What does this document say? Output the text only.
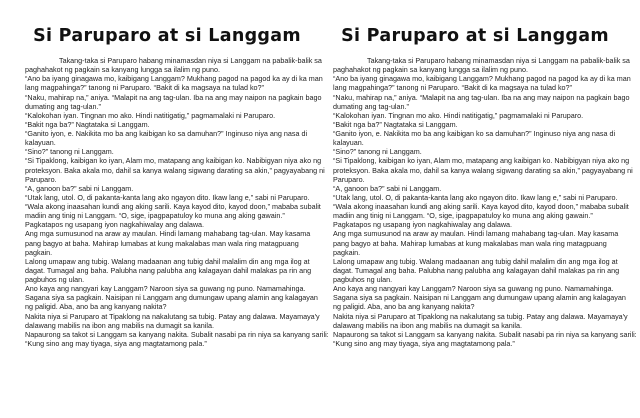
Si Paruparo at si Langgam
Takang-taka si Paruparo habang minamasdan niya si Langgam na pabalik-balik sa
paghahakot ng pagkain sa kanyang lungga sa ilalim ng puno.
“Ano ba iyang ginagawa mo, kaibigang Langgam? Mukhang pagod na pagod ka ay di ka man
lang magpahinga?” tanong ni Paruparo. “Bakit di ka magsaya na tulad ko?”
“Naku, mahirap na,” aniya. “Malapit na ang tag-ulan. Iba na ang may naipon na pagkain bago
dumating ang tag-ulan.”
“Kalokohan iyan. Tingnan mo ako. Hindi natitigatig,” pagmamalaki ni Paruparo.
“Bakit nga ba?” Nagtataka si Langgam.
“Ganito iyon, e. Nakikita mo ba ang kaibigan ko sa damuhan?” Inginuso niya ang nasa di
kalayuan.
“Sino?” tanong ni Langgam.
“Si Tipaklong, kaibigan ko iyan, Alam mo, matapang ang kaibigan ko. Nabibigyan niya ako ng
proteksyon. Baka akala mo, dahil sa kanya walang sigwang darating sa akin,” pagyayabang ni
Paruparo.
“A, ganoon ba?” sabi ni Langgam.
“Utak lang, utol. O, di pakanta-kanta lang ako ngayon dito. Ikaw lang e,” sabi ni Paruparo.
“Wala akong inaasahan kundi ang aking sarili. Kaya kayod dito, kayod doon,” mababa subalit
madiin ang tinig ni Langgam. “O, sige, ipagpapatuloy ko muna ang aking gawain.”
Pagkatapos ng usapang iyon nagkahiwalay ang dalawa.
Ang mga sumusunod na araw ay maulan. Hindi lamang mahabang tag-ulan. May kasama
pang bagyo at baha. Mahirap lumabas at kung makalabas man wala ring matagpuang
pagkain.
Lalong umapaw ang tubig. Walang madaanan ang tubig dahil malalim din ang mga ilog at
dagat. Tumagal ang baha. Palubha nang palubha ang kalagayan dahil malakas pa rin ang
pagbuhos ng ulan.
Ano kaya ang nangyari kay Langgam? Naroon siya sa guwang ng puno. Namamahinga.
Sagana siya sa pagkain. Naisipan ni Langgam ang dumungaw upang alamin ang kalagayan
ng paligid. Aba, ano ba ang kanyang nakita?
Nakita niya si Paruparo at Tipaklong na nakalutang sa tubig. Patay ang dalawa. Mayamaya'y
dalawang mabilis na ibon ang mabilis na dumagit sa kanila.
Napaurong sa takot si Langgam sa kanyang nakita. Subalit nasabi pa rin niya sa kanyang sarili:
“Kung sino ang may tiyaga, siya ang magtatamong pala.”
Si Paruparo at si Langgam
Takang-taka si Paruparo habang minamasdan niya si Langgam na pabalik-balik sa
paghahakot ng pagkain sa kanyang lungga sa ilalim ng puno.
“Ano ba iyang ginagawa mo, kaibigang Langgam? Mukhang pagod na pagod ka ay di ka man
lang magpahinga?” tanong ni Paruparo. “Bakit di ka magsaya na tulad ko?”
“Naku, mahirap na,” aniya. “Malapit na ang tag-ulan. Iba na ang may naipon na pagkain bago
dumating ang tag-ulan.”
“Kalokohan iyan. Tingnan mo ako. Hindi natitigatig,” pagmamalaki ni Paruparo.
“Bakit nga ba?” Nagtataka si Langgam.
“Ganito iyon, e. Nakikita mo ba ang kaibigan ko sa damuhan?” Inginuso niya ang nasa di
kalayuan.
“Sino?” tanong ni Langgam.
“Si Tipaklong, kaibigan ko iyan, Alam mo, matapang ang kaibigan ko. Nabibigyan niya ako ng
proteksyon. Baka akala mo, dahil sa kanya walang sigwang darating sa akin,” pagyayabang ni
Paruparo.
“A, ganoon ba?” sabi ni Langgam.
“Utak lang, utol. O, di pakanta-kanta lang ako ngayon dito. Ikaw lang e,” sabi ni Paruparo.
“Wala akong inaasahan kundi ang aking sarili. Kaya kayod dito, kayod doon,” mababa subalit
madiin ang tinig ni Langgam. “O, sige, ipagpapatuloy ko muna ang aking gawain.”
Pagkatapos ng usapang iyon nagkahiwalay ang dalawa.
Ang mga sumusunod na araw ay maulan. Hindi lamang mahabang tag-ulan. May kasama
pang bagyo at baha. Mahirap lumabas at kung makalabas man wala ring matagpuang
pagkain.
Lalong umapaw ang tubig. Walang madaanan ang tubig dahil malalim din ang mga ilog at
dagat. Tumagal ang baha. Palubha nang palubha ang kalagayan dahil malakas pa rin ang
pagbuhos ng ulan.
Ano kaya ang nangyari kay Langgam? Naroon siya sa guwang ng puno. Namamahinga.
Sagana siya sa pagkain. Naisipan ni Langgam ang dumungaw upang alamin ang kalagayan
ng paligid. Aba, ano ba ang kanyang nakita?
Nakita niya si Paruparo at Tipaklong na nakalutang sa tubig. Patay ang dalawa. Mayamaya'y
dalawang mabilis na ibon ang mabilis na dumagit sa kanila.
Napaurong sa takot si Langgam sa kanyang nakita. Subalit nasabi pa rin niya sa kanyang sarili:
“Kung sino ang may tiyaga, siya ang magtatamong pala.”
